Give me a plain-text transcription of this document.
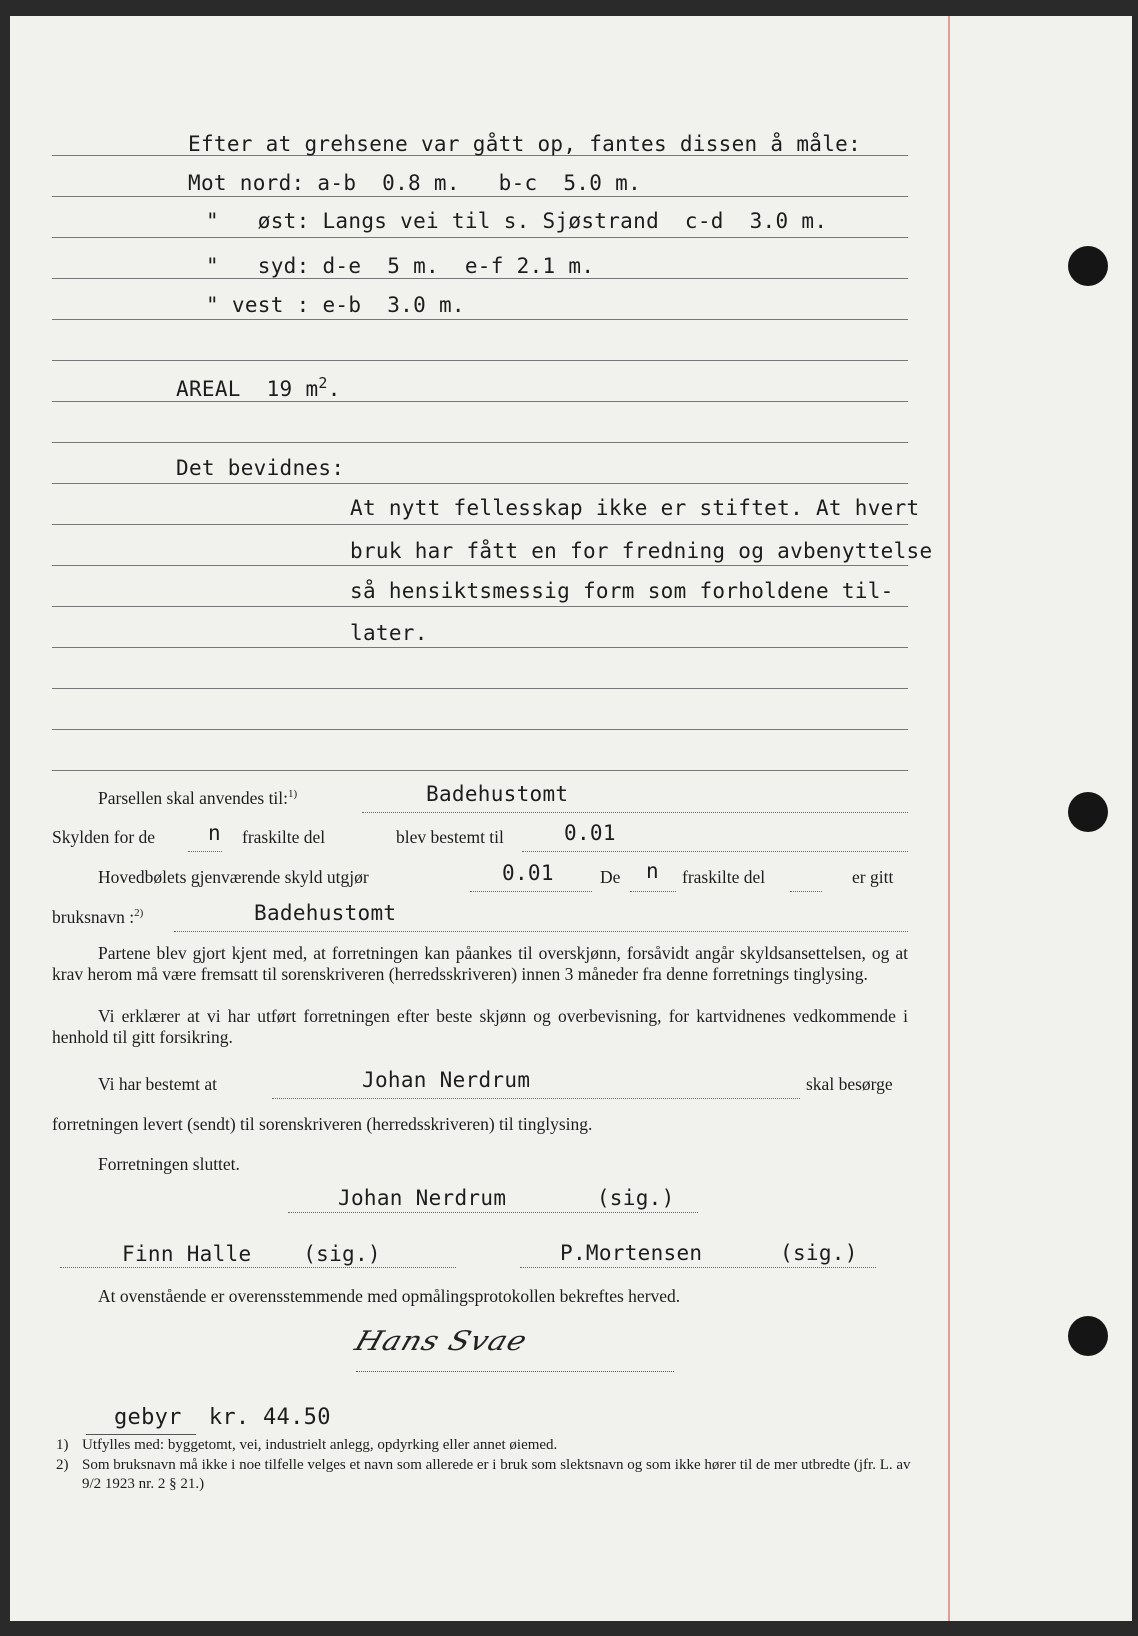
Efter at grehsene var gått op, fantes dissen å måle:
Mot nord: a-b  0.8 m.   b-c  5.0 m.
"   øst: Langs vei til s. Sjøstrand  c-d  3.0 m.
"   syd: d-e  5 m.  e-f 2.1 m.
" vest : e-b  3.0 m.
AREAL 19 $m^2$.
Det bevidnes:
At nytt fellesskap ikke er stiftet. At hvert
bruk har fått en for fredning og avbenyttelse
så hensiktsmessig form som forholdene til-
later.
Parsellen skal anvendes til:$^{1)}$	Badehustomt
Skylden for de	n fraskilte del	blev bestemt til	0.01
Hovedbølets gjenværende skyld utgjør	0.01	De n fraskilte del	er gitt
bruksnavn :$^{2)}$	Badehustomt
Partene blev gjort kjent med, at forretningen kan påankes til overskjønn, forsåvidt angår skyldsansettelsen, og at krav herom må være fremsatt til sorenskriveren (herredsskriveren) innen 3 måneder fra denne forretnings tinglysing.
Vi erklærer at vi har utført forretningen efter beste skjønn og overbevisning, for kartvidnenes vedkommende i henhold til gitt forsikring.
Vi har bestemt at	Johan Nerdrum	skal besørge
forretningen levert (sendt) til sorenskriveren (herredsskriveren) til tinglysing.
Forretningen sluttet.
Johan Nerdrum       (sig.)
Finn Halle    (sig.)	P.Mortensen      (sig.)
At ovenstående er overensstemmende med opmålingsprotokollen bekreftes herved.
Hans Svae
gebyr kr. 44.50
1) Utfylles med: byggetomt, vei, industrielt anlegg, opdyrking eller annet øiemed.
2) Som bruksnavn må ikke i noe tilfelle velges et navn som allerede er i bruk som slektsnavn og som ikke hører til de mer utbredte (jfr. L. av 9/2 1923 nr. 2 § 21.)
